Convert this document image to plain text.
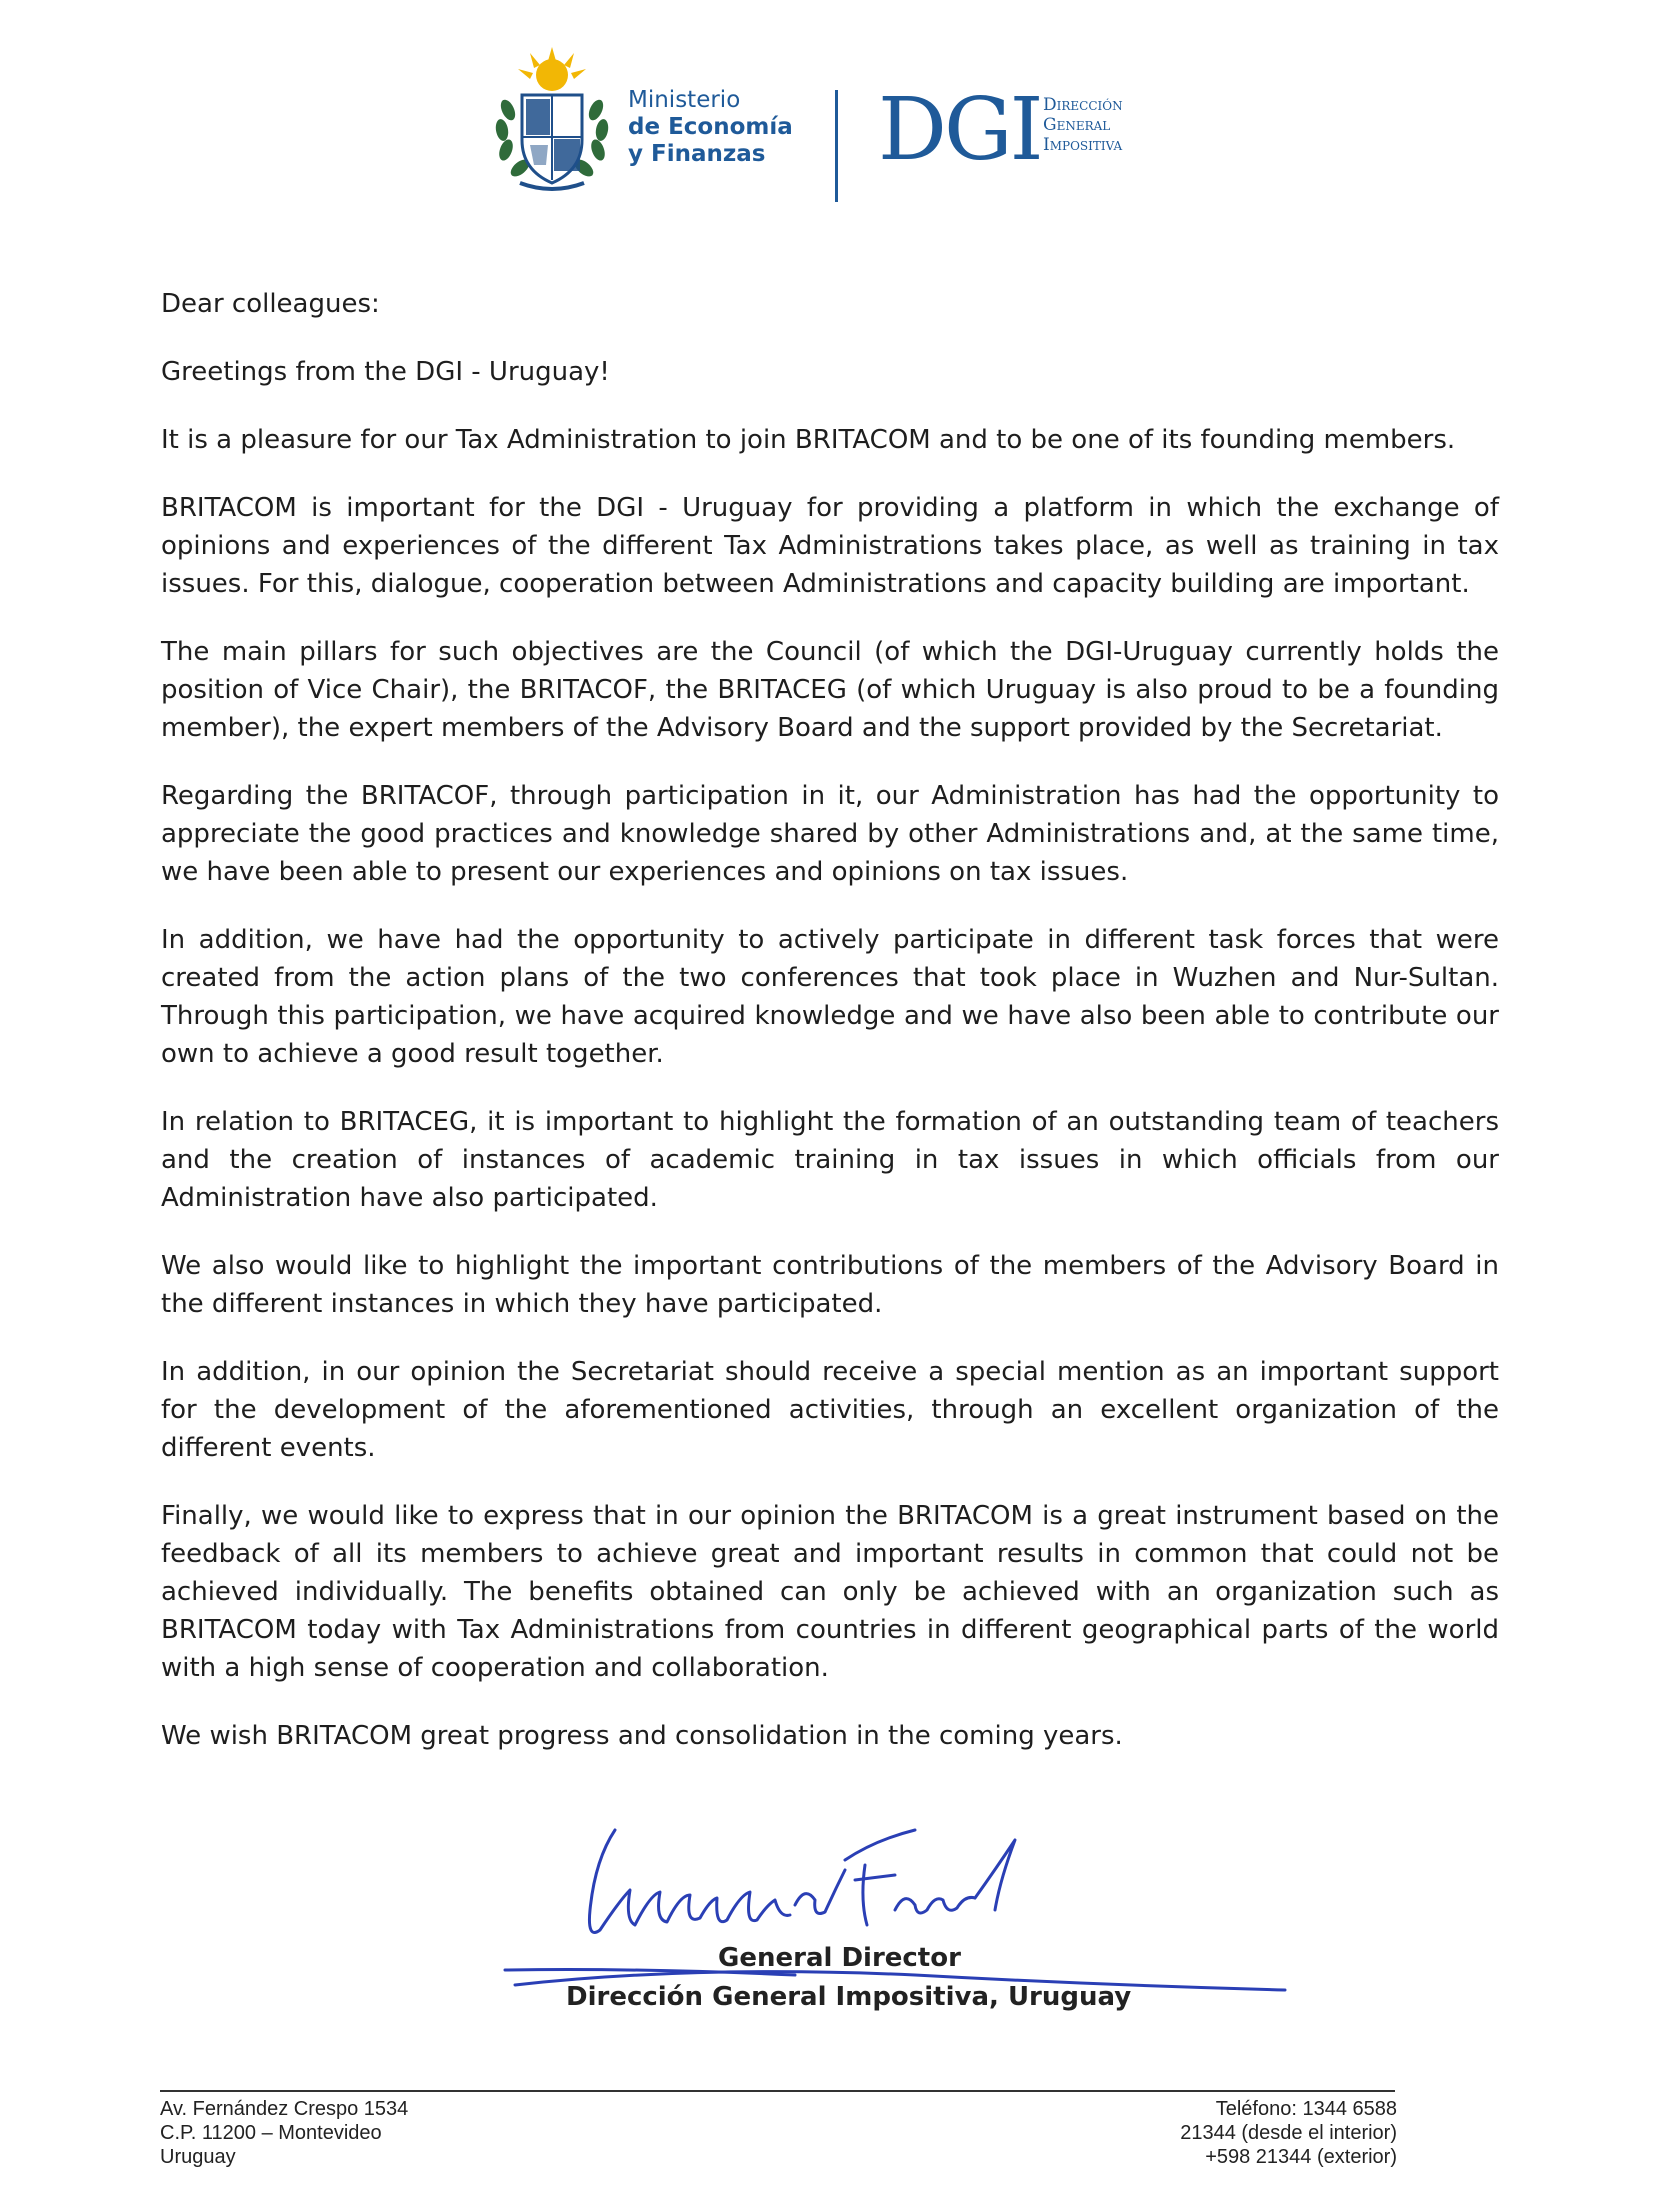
Ministerio
de Economía
y Finanzas	DGI Dirección
General
Impositiva

Dear colleagues:

Greetings from the DGI - Uruguay!

It is a pleasure for our Tax Administration to join BRITACOM and to be one of its founding members.

BRITACOM is important for the DGI - Uruguay for providing a platform in which the exchange of opinions and experiences of the different Tax Administrations takes place, as well as training in tax issues. For this, dialogue, cooperation between Administrations and capacity building are important.

The main pillars for such objectives are the Council (of which the DGI-Uruguay currently holds the position of Vice Chair), the BRITACOF, the BRITACEG (of which Uruguay is also proud to be a founding member), the expert members of the Advisory Board and the support provided by the Secretariat.

Regarding the BRITACOF, through participation in it, our Administration has had the opportunity to appreciate the good practices and knowledge shared by other Administrations and, at the same time, we have been able to present our experiences and opinions on tax issues.

In addition, we have had the opportunity to actively participate in different task forces that were created from the action plans of the two conferences that took place in Wuzhen and Nur-Sultan. Through this participation, we have acquired knowledge and we have also been able to contribute our own to achieve a good result together.

In relation to BRITACEG, it is important to highlight the formation of an outstanding team of teachers and the creation of instances of academic training in tax issues in which officials from our Administration have also participated.

We also would like to highlight the important contributions of the members of the Advisory Board in the different instances in which they have participated.

In addition, in our opinion the Secretariat should receive a special mention as an important support for the development of the aforementioned activities, through an excellent organization of the different events.

Finally, we would like to express that in our opinion the BRITACOM is a great instrument based on the feedback of all its members to achieve great and important results in common that could not be achieved individually. The benefits obtained can only be achieved with an organization such as BRITACOM today with Tax Administrations from countries in different geographical parts of the world with a high sense of cooperation and collaboration.

We wish BRITACOM great progress and consolidation in the coming years.

General Director
Dirección General Impositiva, Uruguay
Av. Fernández Crespo 1534
C.P. 11200 – Montevideo
Uruguay
Teléfono: 1344 6588
21344 (desde el interior)
+598 21344 (exterior)
